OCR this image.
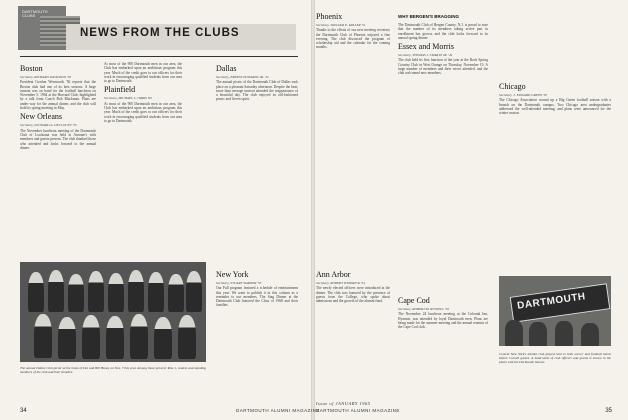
DARTMOUTH
CLUBS
NEWS FROM THE CLUBS
Boston
Secretary, RICHARD DAVIDSON '50

President Gordon Wentworth '56 reports that the Boston club had one of its best seasons. A large turnout was on hand for the football luncheon on November 5, 1964 at the Harvard Club, highlighted by a talk from Coach Bob Blackman. Plans are under way for the annual dinner, and the club will hold its spring meeting in May.

New Orleans
Secretary, LEONARD A. DECLOUET '53

The November luncheon meeting of the Dartmouth Club of Louisiana was held at Antoine's with members and guests present. The club thanked those who attended and looks forward to the annual dinner.

At most of the 900 Dartmouth men in our area, the Club has embarked upon an ambitious program this year. Much of the credit goes to our officers for their work in encouraging qualified students from our area to go to Dartmouth.

Plainfield
Secretary, MICHAEL L. ORRIS '60

At most of the 900 Dartmouth men in our area, the Club has embarked upon an ambitious program this year. Much of the credit goes to our officers for their work in encouraging qualified students from our area to go to Dartmouth.

Dallas
Secretary, ERNEST EDWARDS JR. '52

The annual picnic of the Dartmouth Club of Dallas took place on a pleasant Saturday afternoon. Despite the heat, more than average turnout attended the reappearance of a beautiful day. The club enjoyed its old-fashioned picnic and Green spirit.

New York
Secretary, STUART WARNER '53

Our Fall program featured a schedule of entertainment this year. We want to publish it in this column as a reminder to our members. The Stag Dinner at the Dartmouth Club honored the Class of 1968 and their families.

The annual Dallas Club picnic at the home of Dot and Bill Haney on Nov. 7 this year. Among those present: Row 1, seated, and standing members of the club and their families.
34	DARTMOUTH ALUMNI MAGAZINE
Phoenix
Secretary, WILLIAM E. MILLER '51

Thanks to the efforts of our new meeting secretary the Dartmouth Club of Phoenix enjoyed a fine evening. The club discussed the program of scholarship aid and the calendar for the coming months.

Ann Arbor
Secretary, ROBERT WEIDRICK '54

The newly elected officers were introduced at the dinner. The club was honored by the presence of guests from the College, who spoke about admissions and the growth of the alumni fund.

WHY BERGEN'S BRAGGING

The Dartmouth Club of Bergen County, N.J. is proud to note that the number of its members taking active part in enrollment has grown, and the club looks forward to its annual spring dinner.

Essex and Morris
Secretary, THOMAS J. SWARTZ JR. '49

The club held its first function of the year at the Rock Spring Country Club in West Orange on Thursday, November 19. A large number of members and their wives attended, and the club welcomed new members.

Cape Cod
Secretary, ROBERT M. RUSSELL '50

The November 24 luncheon meeting at the Colonial Inn, Hyannis, was attended by loyal Dartmouth men. Plans are being made for the summer meeting and the annual reunion of the Cape Cod club.

Chicago
Secretary, J. EDWARD GREEN '50

The Chicago Association wound up a Big Green football season with a brunch on the Dartmouth campus. Two Chicago area undergraduates addressed the well-attended meeting, and plans were announced for the winter season.

DARTMOUTH
Central New York's alumni club played host to both soccer and football teams before Cornell games. A head table of club officers and guests is shown in the photo with the Dartmouth banner.
Issue of JANUARY 1965
DARTMOUTH ALUMNI MAGAZINE	35
